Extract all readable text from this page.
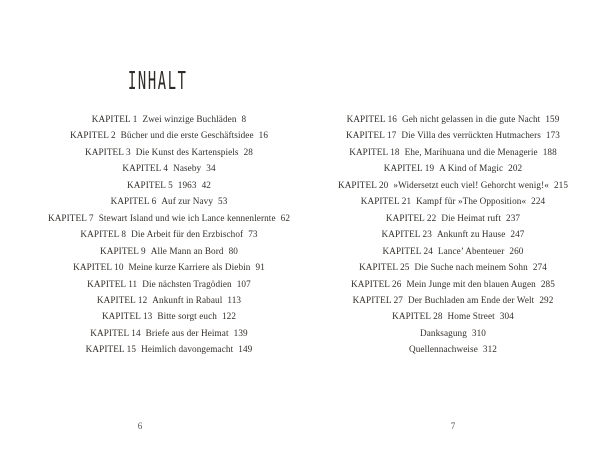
INHALT
KAPITEL 1 Zwei winzige Buchläden 8
KAPITEL 2 Bücher und die erste Geschäftsidee 16
KAPITEL 3 Die Kunst des Kartenspiels 28
KAPITEL 4 Naseby 34
KAPITEL 5 1963 42
KAPITEL 6 Auf zur Navy 53
KAPITEL 7 Stewart Island und wie ich Lance kennenlernte 62
KAPITEL 8 Die Arbeit für den Erzbischof 73
KAPITEL 9 Alle Mann an Bord 80
KAPITEL 10 Meine kurze Karriere als Diebin 91
KAPITEL 11 Die nächsten Tragödien 107
KAPITEL 12 Ankunft in Rabaul 113
KAPITEL 13 Bitte sorgt euch 122
KAPITEL 14 Briefe aus der Heimat 139
KAPITEL 15 Heimlich davongemacht 149
KAPITEL 16 Geh nicht gelassen in die gute Nacht 159
KAPITEL 17 Die Villa des verrückten Hutmachers 173
KAPITEL 18 Ehe, Marihuana und die Menagerie 188
KAPITEL 19 A Kind of Magic 202
KAPITEL 20 »Widersetzt euch viel! Gehorcht wenig!« 215
KAPITEL 21 Kampf für »The Opposition« 224
KAPITEL 22 Die Heimat ruft 237
KAPITEL 23 Ankunft zu Hause 247
KAPITEL 24 Lance’ Abenteuer 260
KAPITEL 25 Die Suche nach meinem Sohn 274
KAPITEL 26 Mein Junge mit den blauen Augen 285
KAPITEL 27 Der Buchladen am Ende der Welt 292
KAPITEL 28 Home Street 304
Danksagung 310
Quellennachweise 312
6	7
